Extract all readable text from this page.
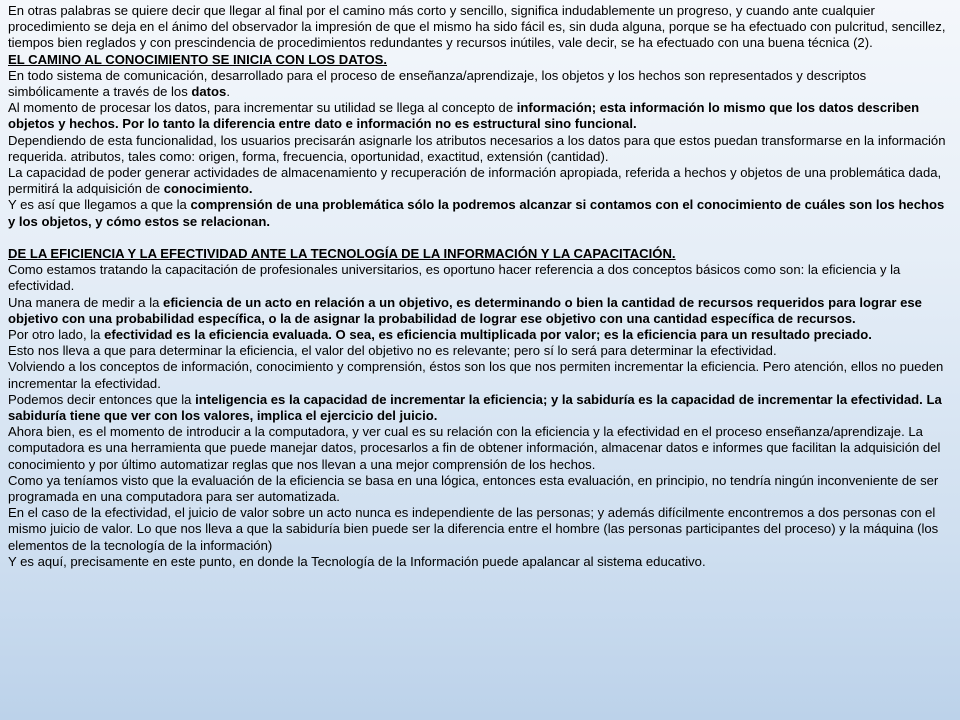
En otras palabras se quiere decir que llegar al final por el camino más corto y sencillo, significa indudablemente un progreso, y cuando ante cualquier procedimiento se deja en el ánimo del observador la impresión de que el mismo ha sido fácil es, sin duda alguna, porque se ha efectuado con pulcritud, sencillez, tiempos bien reglados y con prescindencia de procedimientos redundantes y recursos inútiles, vale decir, se ha efectuado con una buena técnica (2).

EL CAMINO AL CONOCIMIENTO SE INICIA CON LOS DATOS.

En todo sistema de comunicación, desarrollado para el proceso de enseñanza/aprendizaje, los objetos y los hechos son representados y descriptos simbólicamente a través de los datos.

Al momento de procesar los datos, para incrementar su utilidad se llega al concepto de información; esta información lo mismo que los datos describen objetos y hechos. Por lo tanto la diferencia entre dato e información no es estructural sino funcional.

Dependiendo de esta funcionalidad, los usuarios precisarán asignarle los atributos necesarios a los datos para que estos puedan transformarse en la información requerida. atributos, tales como: origen, forma, frecuencia, oportunidad, exactitud, extensión (cantidad).

La capacidad de poder generar actividades de almacenamiento y recuperación de información apropiada, referida a hechos y objetos de una problemática dada, permitirá la adquisición de conocimiento.

Y es así que llegamos a que la comprensión de una problemática sólo la podremos alcanzar si contamos con el conocimiento de cuáles son los hechos y los objetos, y cómo estos se relacionan.

DE LA EFICIENCIA Y LA EFECTIVIDAD ANTE LA TECNOLOGÍA DE LA INFORMACIÓN Y LA CAPACITACIÓN.

Como estamos tratando la capacitación de profesionales universitarios, es oportuno hacer referencia a dos conceptos básicos como son: la eficiencia y la efectividad.

Una manera de medir a la eficiencia de un acto en relación a un objetivo, es determinando o bien la cantidad de recursos requeridos para lograr ese objetivo con una probabilidad específica, o la de asignar la probabilidad de lograr ese objetivo con una cantidad específica de recursos.

Por otro lado, la efectividad es la eficiencia evaluada. O sea, es eficiencia multiplicada por valor; es la eficiencia para un resultado preciado.

Esto nos lleva a que para determinar la eficiencia, el valor del objetivo no es relevante; pero sí lo será para determinar la efectividad.

Volviendo a los conceptos de información, conocimiento y comprensión, éstos son los que nos permiten incrementar la eficiencia. Pero atención, ellos no pueden incrementar la efectividad.

Podemos decir entonces que la inteligencia es la capacidad de incrementar la eficiencia; y la sabiduría es la capacidad de incrementar la efectividad. La sabiduría tiene que ver con los valores, implica el ejercicio del juicio.

Ahora bien, es el momento de introducir a la computadora, y ver cual es su relación con la eficiencia y la efectividad en el proceso enseñanza/aprendizaje. La computadora es una herramienta que puede manejar datos, procesarlos a fin de obtener información, almacenar datos e informes que facilitan la adquisición del conocimiento y por último automatizar reglas que nos llevan a una mejor comprensión de los hechos.

Como ya teníamos visto que la evaluación de la eficiencia se basa en una lógica, entonces esta evaluación, en principio, no tendría ningún inconveniente de ser programada en una computadora para ser automatizada.

En el caso de la efectividad, el juicio de valor sobre un acto nunca es independiente de las personas; y además difícilmente encontremos a dos personas con el mismo juicio de valor. Lo que nos lleva a que la sabiduría bien puede ser la diferencia entre el hombre (las personas participantes del proceso) y la máquina (los elementos de la tecnología de la información)

Y es aquí, precisamente en este punto, en donde la Tecnología de la Información puede apalancar al sistema educativo.
